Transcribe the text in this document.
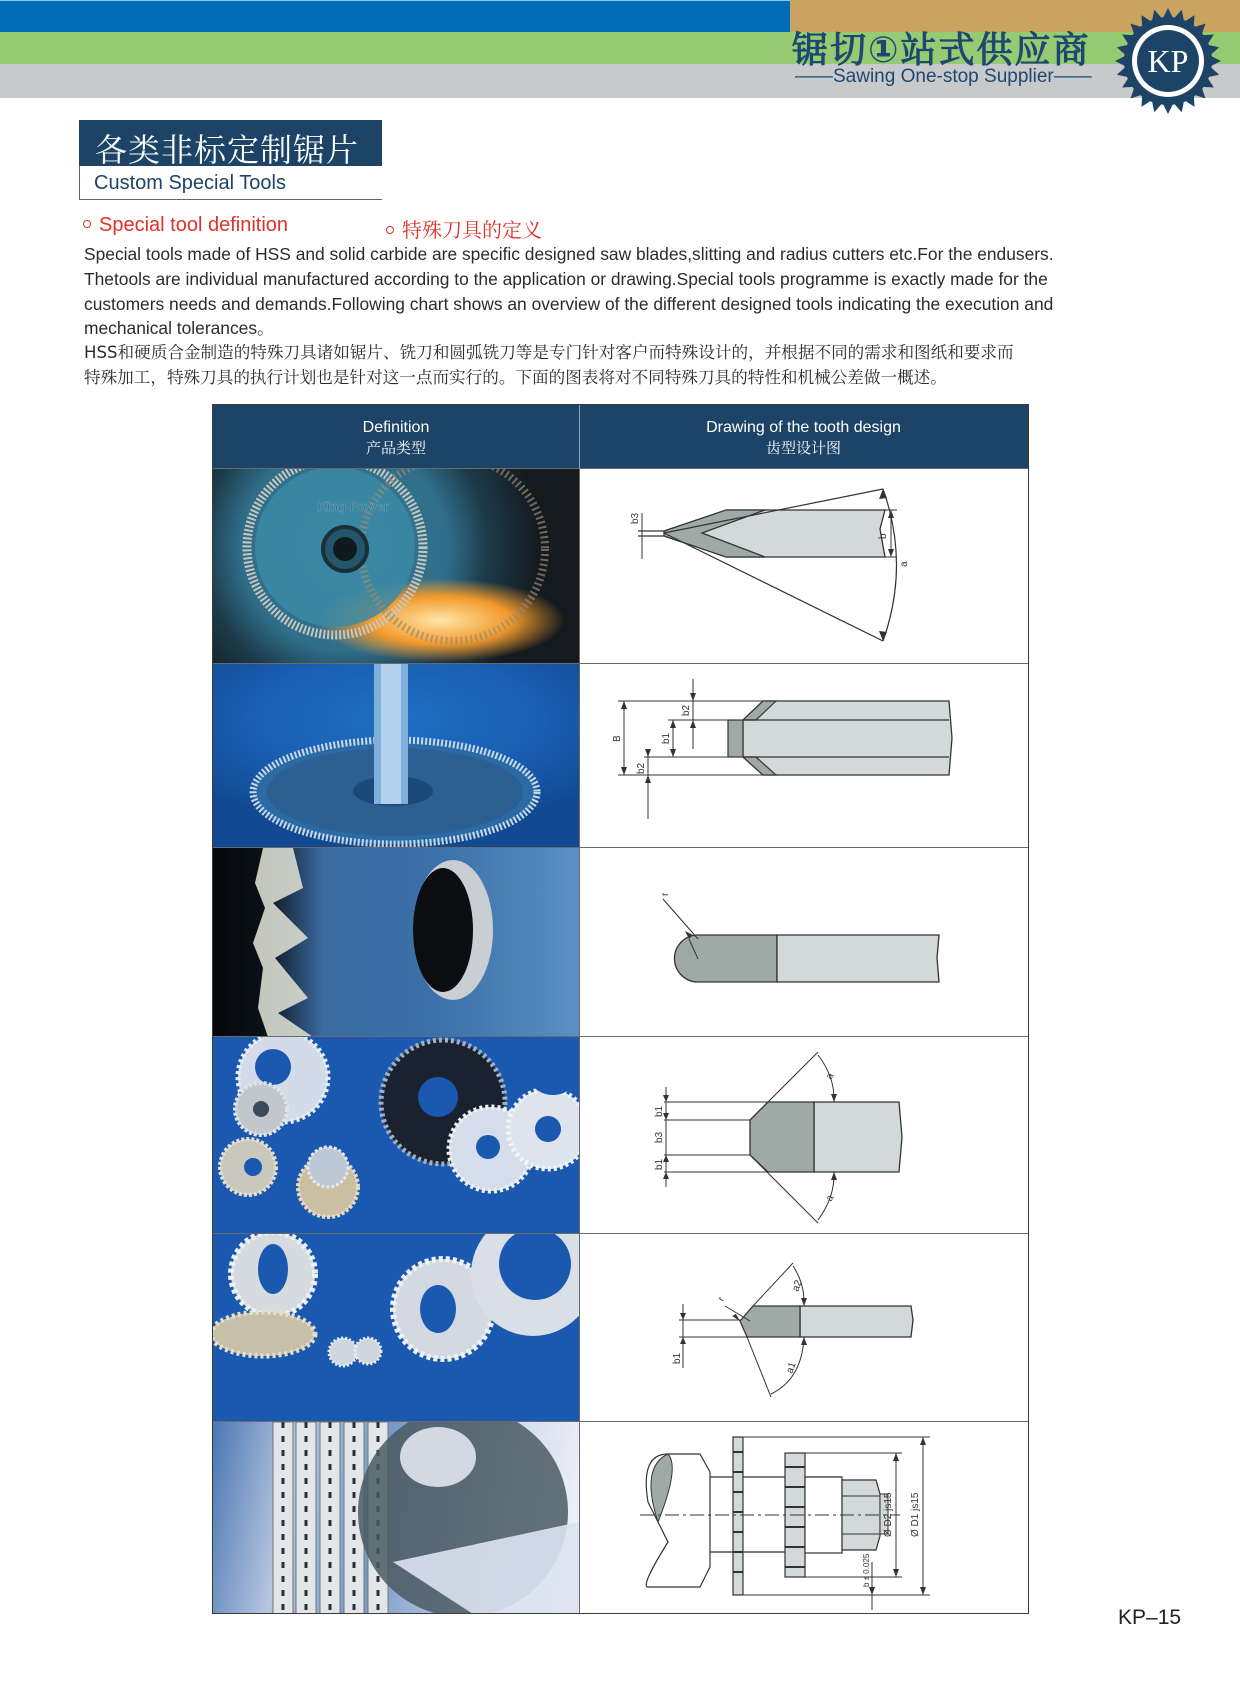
锯切①站式供应商
——Sawing One-stop Supplier—— KP
各类非标定制锯片
Custom Special Tools
Special tool definition	特殊刀具的定义

Special tools made of HSS and solid carbide are specific designed saw blades,slitting and radius cutters etc.For the endusers.

Thetools are individual manufactured according to the application or drawing.Special tools programme is exactly made for the

customers needs and demands.Following chart shows an overview of the different designed tools indicating the execution and

mechanical tolerances。

HSS和硬质合金制造的特殊刀具诸如锯片、铣刀和圆弧铣刀等是专门针对客户而特殊设计的，并根据不同的需求和图纸和要求而

特殊加工，特殊刀具的执行计划也是针对这一点而实行的。下面的图表将对不同特殊刀具的特性和机械公差做一概述。

Definition
产品类型
Drawing of the tooth design
齿型设计图
King Power
b3
a
b
B	b1
b2
b2
r
b1
b3
b1
a
a
b1
a2
a1
r
Ø D1 js15
Ø D2 js15
b ± 0.025
KP–15
